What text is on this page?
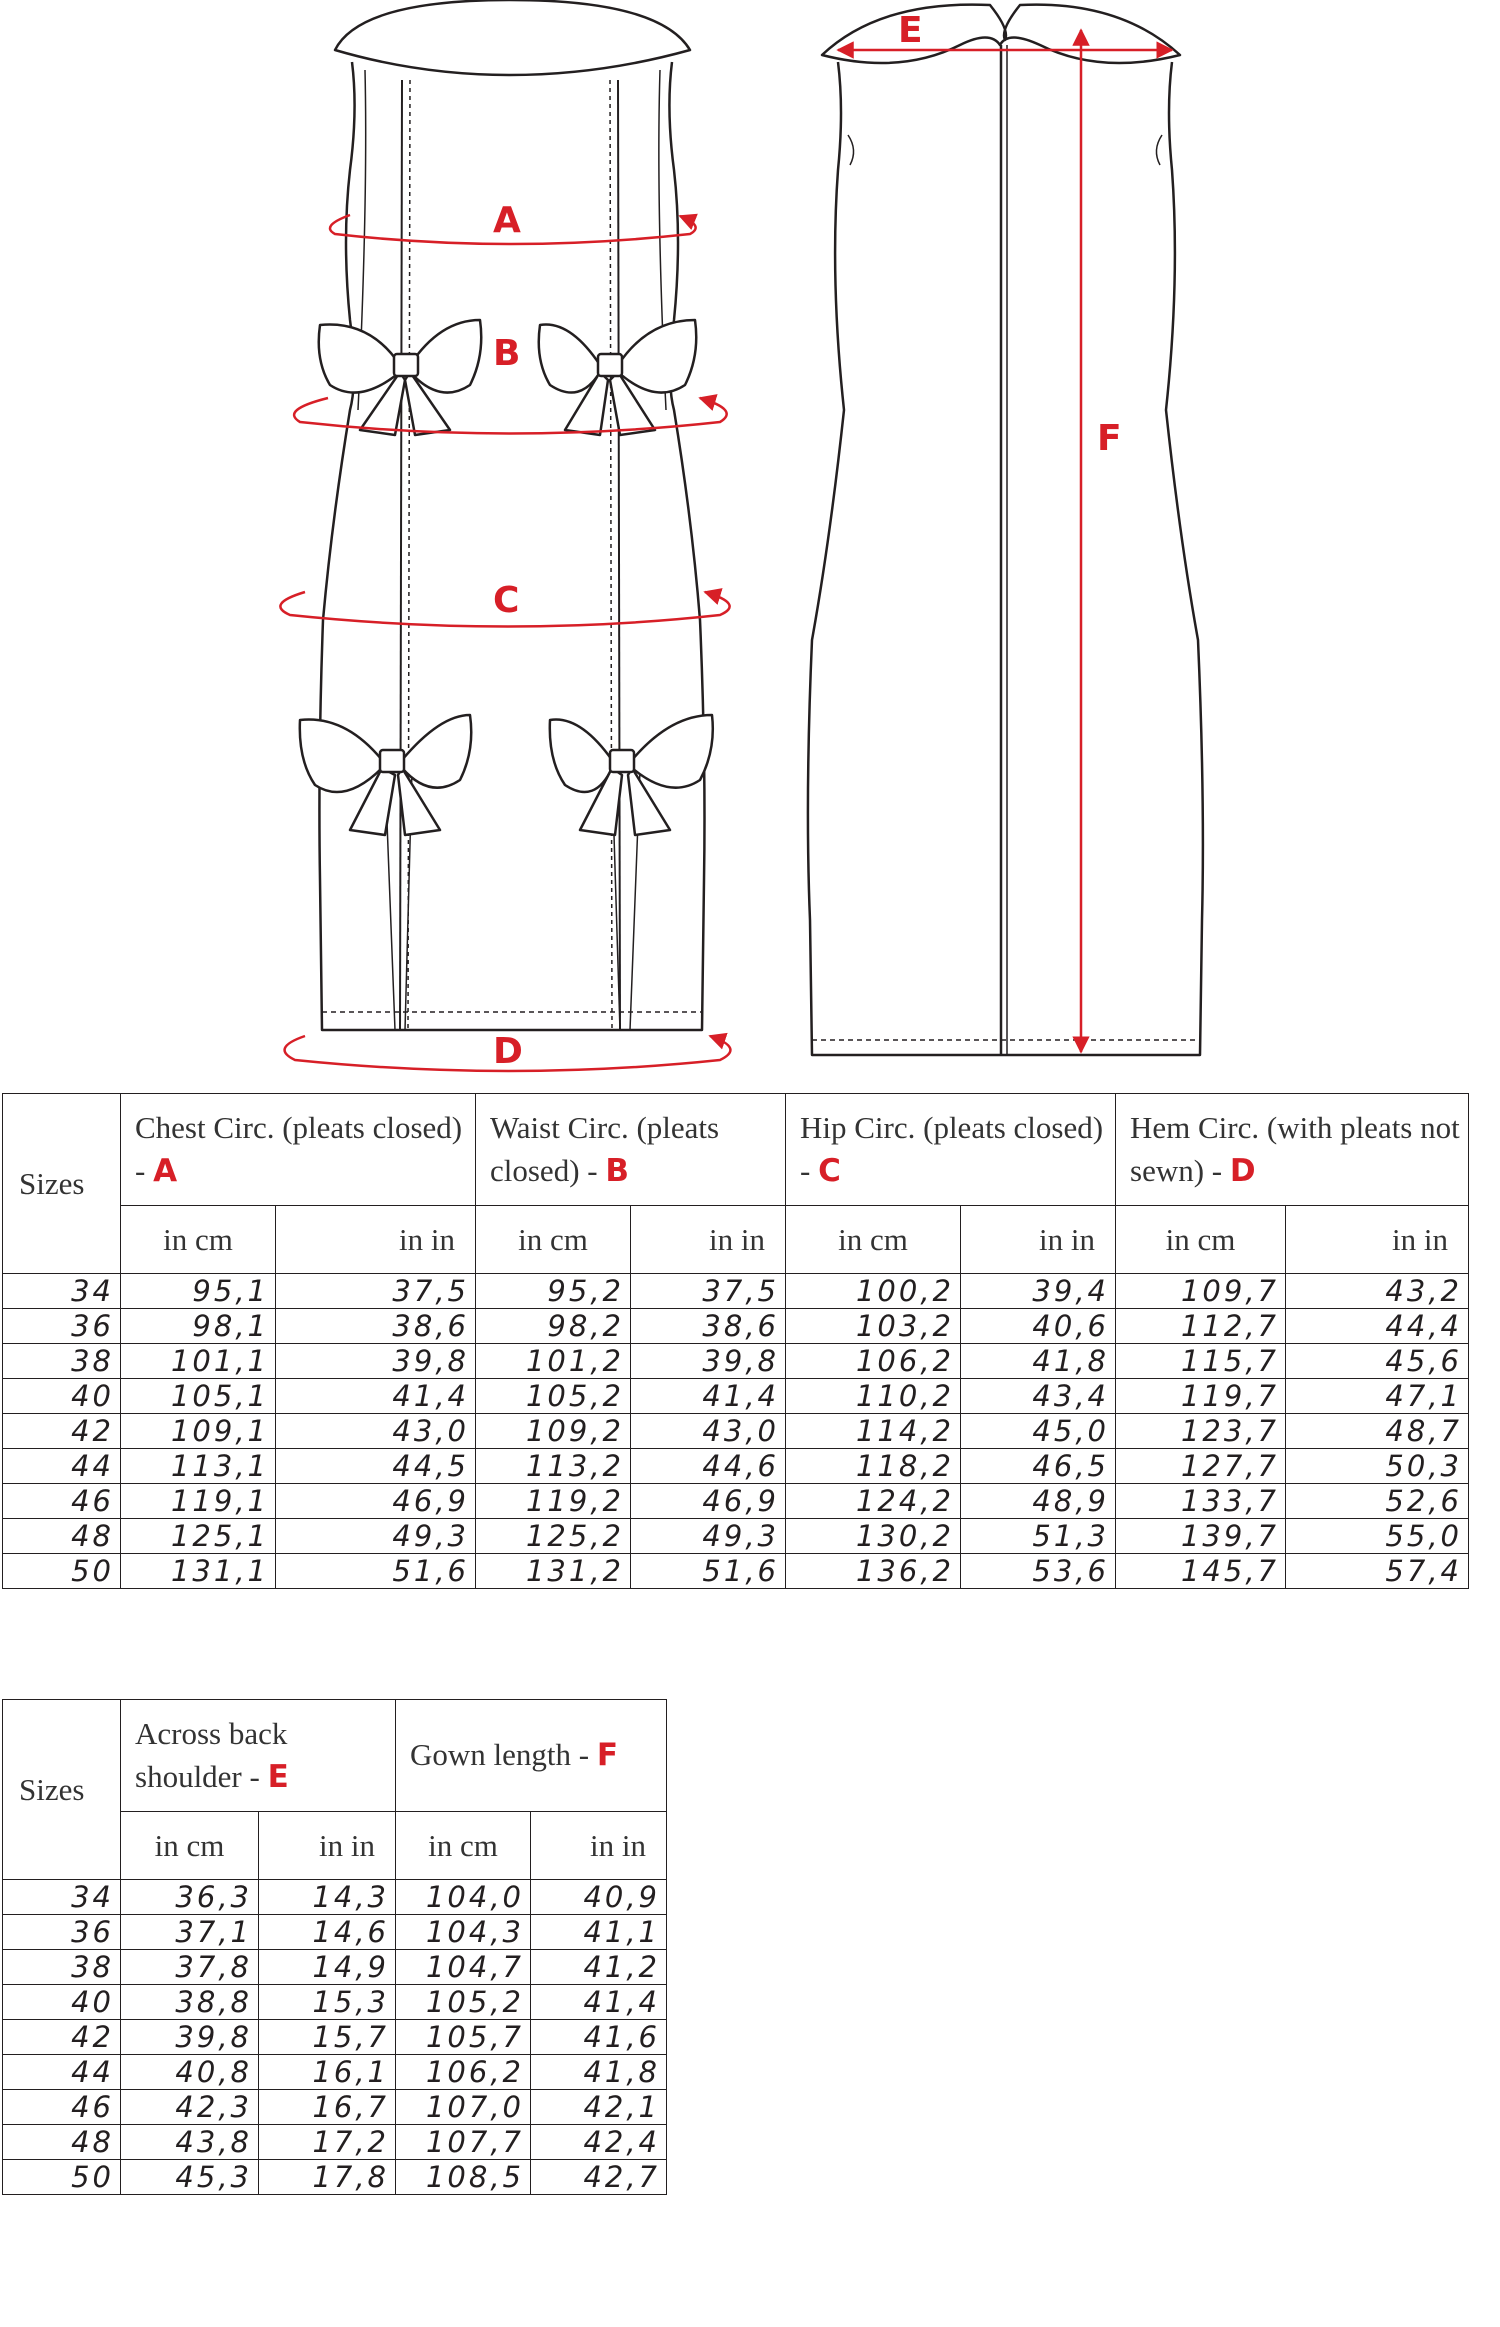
A
B
C
D
E
F
Sizes	Chest Circ. (pleats closed) - A		Waist Circ. (pleats closed) - B		Hip Circ. (pleats closed) - C		Hem Circ. (with pleats not sewn) - D	
	in cm	in in	in cm	in in	in cm	in in	in cm	in in
34	95,1	37,5	95,2	37,5	100,2	39,4	109,7	43,2
36	98,1	38,6	98,2	38,6	103,2	40,6	112,7	44,4
38	101,1	39,8	101,2	39,8	106,2	41,8	115,7	45,6
40	105,1	41,4	105,2	41,4	110,2	43,4	119,7	47,1
42	109,1	43,0	109,2	43,0	114,2	45,0	123,7	48,7
44	113,1	44,5	113,2	44,6	118,2	46,5	127,7	50,3
46	119,1	46,9	119,2	46,9	124,2	48,9	133,7	52,6
48	125,1	49,3	125,2	49,3	130,2	51,3	139,7	55,0
50	131,1	51,6	131,2	51,6	136,2	53,6	145,7	57,4
Sizes	Across back shoulder - E		Gown length - F	
	in cm	in in	in cm	in in
34	36,3	14,3	104,0	40,9
36	37,1	14,6	104,3	41,1
38	37,8	14,9	104,7	41,2
40	38,8	15,3	105,2	41,4
42	39,8	15,7	105,7	41,6
44	40,8	16,1	106,2	41,8
46	42,3	16,7	107,0	42,1
48	43,8	17,2	107,7	42,4
50	45,3	17,8	108,5	42,7
